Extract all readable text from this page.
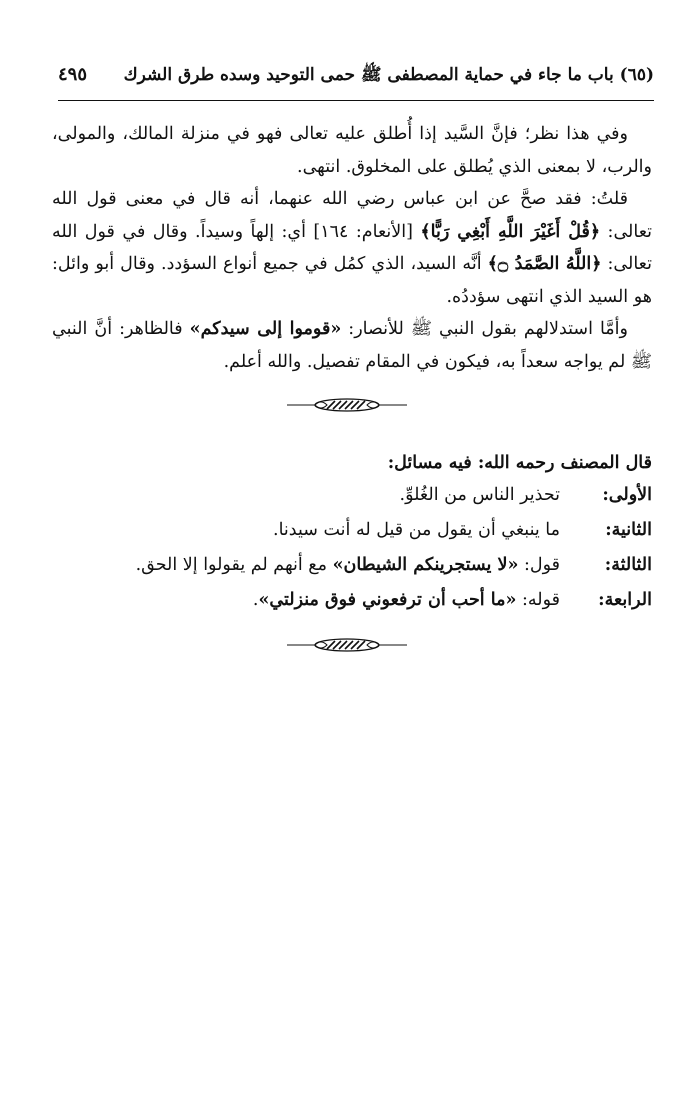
(٦٥) باب ما جاء في حماية المصطفى ﷺ حمى التوحيد وسده طرق الشرك
٤٩٥

وفي هذا نظر؛ فإنَّ السَّيد إذا أُطلق عليه تعالى فهو في منزلة المالك، والمولى، والرب، لا بمعنى الذي يُطلق على المخلوق. انتهى.

قلتُ: فقد صحَّ عن ابن عباس رضي الله عنهما، أنه قال في معنى قول الله تعالى: ﴿قُلْ أَغَيْرَ اللَّهِ أَبْغِي رَبًّا﴾ [الأنعام: ١٦٤] أي: إلهاً وسيداً. وقال في قول الله تعالى: ﴿اللَّهُ الصَّمَدُ ۝﴾ أنَّه السيد، الذي كمُل في جميع أنواع السؤدد. وقال أبو وائل: هو السيد الذي انتهى سؤددُه.

وأمَّا استدلالهم بقول النبي ﷺ للأنصار: «قوموا إلى سيدكم» فالظاهر: أنَّ النبي ﷺ لم يواجه سعداً به، فيكون في المقام تفصيل. والله أعلم.

قال المصنف رحمه الله: فيه مسائل:
الأولى:تحذير الناس من الغُلوِّ.
الثانية:ما ينبغي أن يقول من قيل له أنت سيدنا.
الثالثة:قول: «لا يستجرينكم الشيطان» مع أنهم لم يقولوا إلا الحق.
الرابعة:قوله: «ما أحب أن ترفعوني فوق منزلتي».
